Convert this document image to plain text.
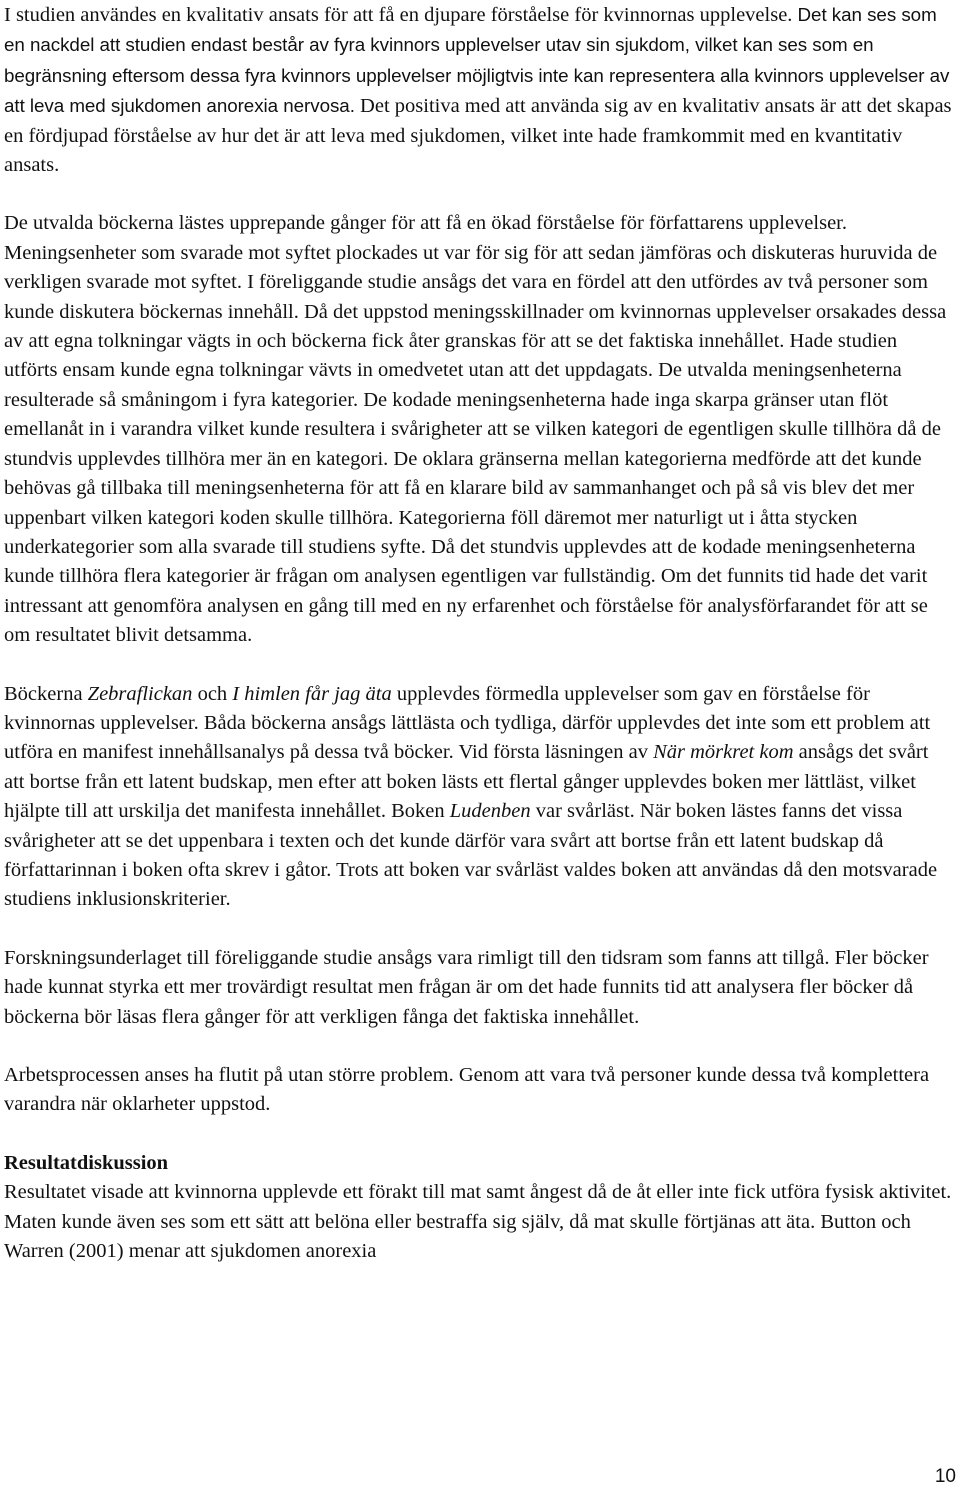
I studien användes en kvalitativ ansats för att få en djupare förståelse för kvinnornas upplevelse. Det kan ses som en nackdel att studien endast består av fyra kvinnors upplevelser utav sin sjukdom, vilket kan ses som en begränsning eftersom dessa fyra kvinnors upplevelser möjligtvis inte kan representera alla kvinnors upplevelser av att leva med sjukdomen anorexia nervosa. Det positiva med att använda sig av en kvalitativ ansats är att det skapas en fördjupad förståelse av hur det är att leva med sjukdomen, vilket inte hade framkommit med en kvantitativ ansats.

De utvalda böckerna lästes upprepande gånger för att få en ökad förståelse för författarens upplevelser. Meningsenheter som svarade mot syftet plockades ut var för sig för att sedan jämföras och diskuteras huruvida de verkligen svarade mot syftet. I föreliggande studie ansågs det vara en fördel att den utfördes av två personer som kunde diskutera böckernas innehåll. Då det uppstod meningsskillnader om kvinnornas upplevelser orsakades dessa av att egna tolkningar vägts in och böckerna fick åter granskas för att se det faktiska innehållet. Hade studien utförts ensam kunde egna tolkningar vävts in omedvetet utan att det uppdagats. De utvalda meningsenheterna resulterade så småningom i fyra kategorier. De kodade meningsenheterna hade inga skarpa gränser utan flöt emellanåt in i varandra vilket kunde resultera i svårigheter att se vilken kategori de egentligen skulle tillhöra då de stundvis upplevdes tillhöra mer än en kategori. De oklara gränserna mellan kategorierna medförde att det kunde behövas gå tillbaka till meningsenheterna för att få en klarare bild av sammanhanget och på så vis blev det mer uppenbart vilken kategori koden skulle tillhöra. Kategorierna föll däremot mer naturligt ut i åtta stycken underkategorier som alla svarade till studiens syfte. Då det stundvis upplevdes att de kodade meningsenheterna kunde tillhöra flera kategorier är frågan om analysen egentligen var fullständig. Om det funnits tid hade det varit intressant att genomföra analysen en gång till med en ny erfarenhet och förståelse för analysförfarandet för att se om resultatet blivit detsamma.

Böckerna Zebraflickan och I himlen får jag äta upplevdes förmedla upplevelser som gav en förståelse för kvinnornas upplevelser. Båda böckerna ansågs lättlästa och tydliga, därför upplevdes det inte som ett problem att utföra en manifest innehållsanalys på dessa två böcker. Vid första läsningen av När mörkret kom ansågs det svårt att bortse från ett latent budskap, men efter att boken lästs ett flertal gånger upplevdes boken mer lättläst, vilket hjälpte till att urskilja det manifesta innehållet. Boken Ludenben var svårläst. När boken lästes fanns det vissa svårigheter att se det uppenbara i texten och det kunde därför vara svårt att bortse från ett latent budskap då författarinnan i boken ofta skrev i gåtor. Trots att boken var svårläst valdes boken att användas då den motsvarade studiens inklusionskriterier.

Forskningsunderlaget till föreliggande studie ansågs vara rimligt till den tidsram som fanns att tillgå. Fler böcker hade kunnat styrka ett mer trovärdigt resultat men frågan är om det hade funnits tid att analysera fler böcker då böckerna bör läsas flera gånger för att verkligen fånga det faktiska innehållet.

Arbetsprocessen anses ha flutit på utan större problem. Genom att vara två personer kunde dessa två komplettera varandra när oklarheter uppstod.

Resultatdiskussion

Resultatet visade att kvinnorna upplevde ett förakt till mat samt ångest då de åt eller inte fick utföra fysisk aktivitet. Maten kunde även ses som ett sätt att belöna eller bestraffa sig själv, då mat skulle förtjänas att äta. Button och Warren (2001) menar att sjukdomen anorexia

10
